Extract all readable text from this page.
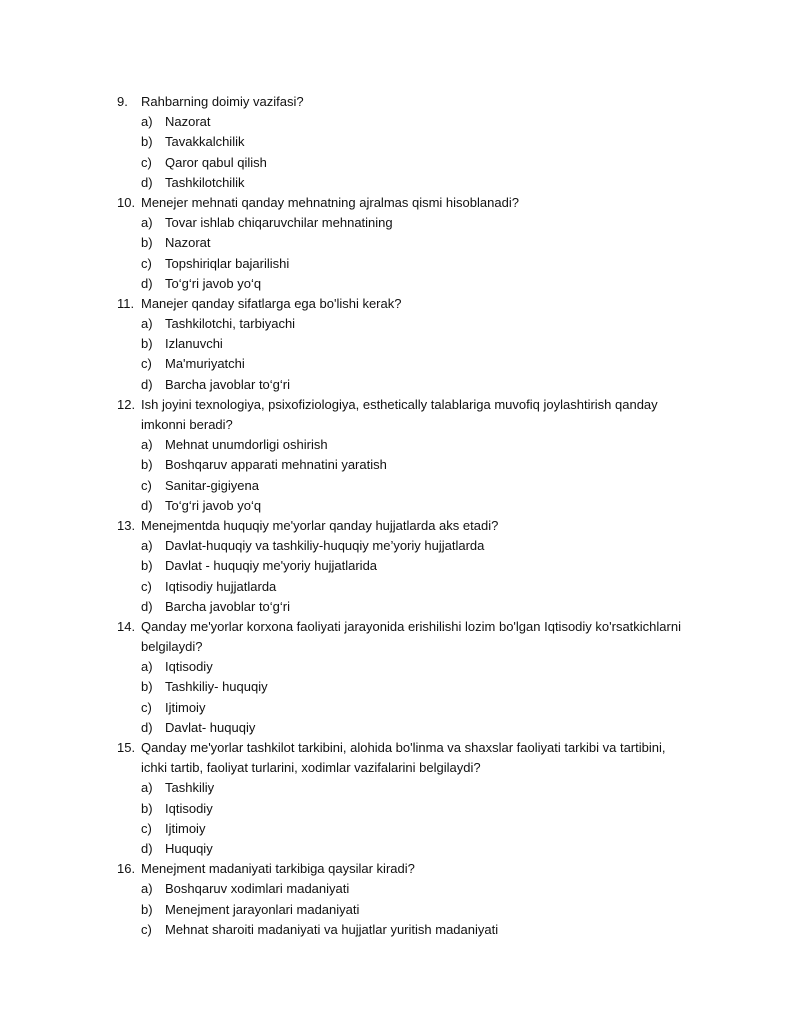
9.	Rahbarning doimiy vazifasi?
a) Nazorat
b) Tavakkalchilik
c) Qaror qabul qilish
d) Tashkilotchilik
10. Menejer mehnati qanday mehnatning ajralmas qismi hisoblanadi?
a) Tovar ishlab chiqaruvchilar mehnatining
b) Nazorat
c) Topshiriqlar bajarilishi
d) To‘g‘ri javob yo‘q
11. Manejer qanday sifatlarga ega bo'lishi kerak?
a) Tashkilotchi, tarbiyachi
b) Izlanuvchi
c) Ma'muriyatchi
d) Barcha javoblar to‘g‘ri
12. Ish joyini texnologiya, psixofiziologiya, esthetically talablariga muvofiq joylashtirish qanday
imkonni beradi?
a) Mehnat unumdorligi oshirish
b) Boshqaruv apparati mehnatini yaratish
c) Sanitar-gigiyena
d) To‘g‘ri javob yo‘q
13. Menejmentda huquqiy me'yorlar qanday hujjatlarda aks etadi?
a) Davlat-huquqiy va tashkiliy-huquqiy me’yoriy hujjatlarda
b) Davlat - huquqiy me'yoriy hujjatlarida
c) Iqtisodiy hujjatlarda
d) Barcha javoblar to‘g‘ri
14. Qanday me'yorlar korxona faoliyati jarayonida erishilishi lozim bo'lgan Iqtisodiy ko'rsatkichlarni
belgilaydi?
a) Iqtisodiy
b) Tashkiliy- huquqiy
c) Ijtimoiy
d) Davlat- huquqiy
15. Qanday me'yorlar tashkilot tarkibini, alohida bo'linma va shaxslar faoliyati tarkibi va tartibini,
ichki tartib, faoliyat turlarini, xodimlar vazifalarini belgilaydi?
a) Tashkiliy
b) Iqtisodiy
c) Ijtimoiy
d) Huquqiy
16. Menejment madaniyati tarkibiga qaysilar kiradi?
a) Boshqaruv xodimlari madaniyati
b) Menejment jarayonlari madaniyati
c) Mehnat sharoiti madaniyati va hujjatlar yuritish madaniyati
